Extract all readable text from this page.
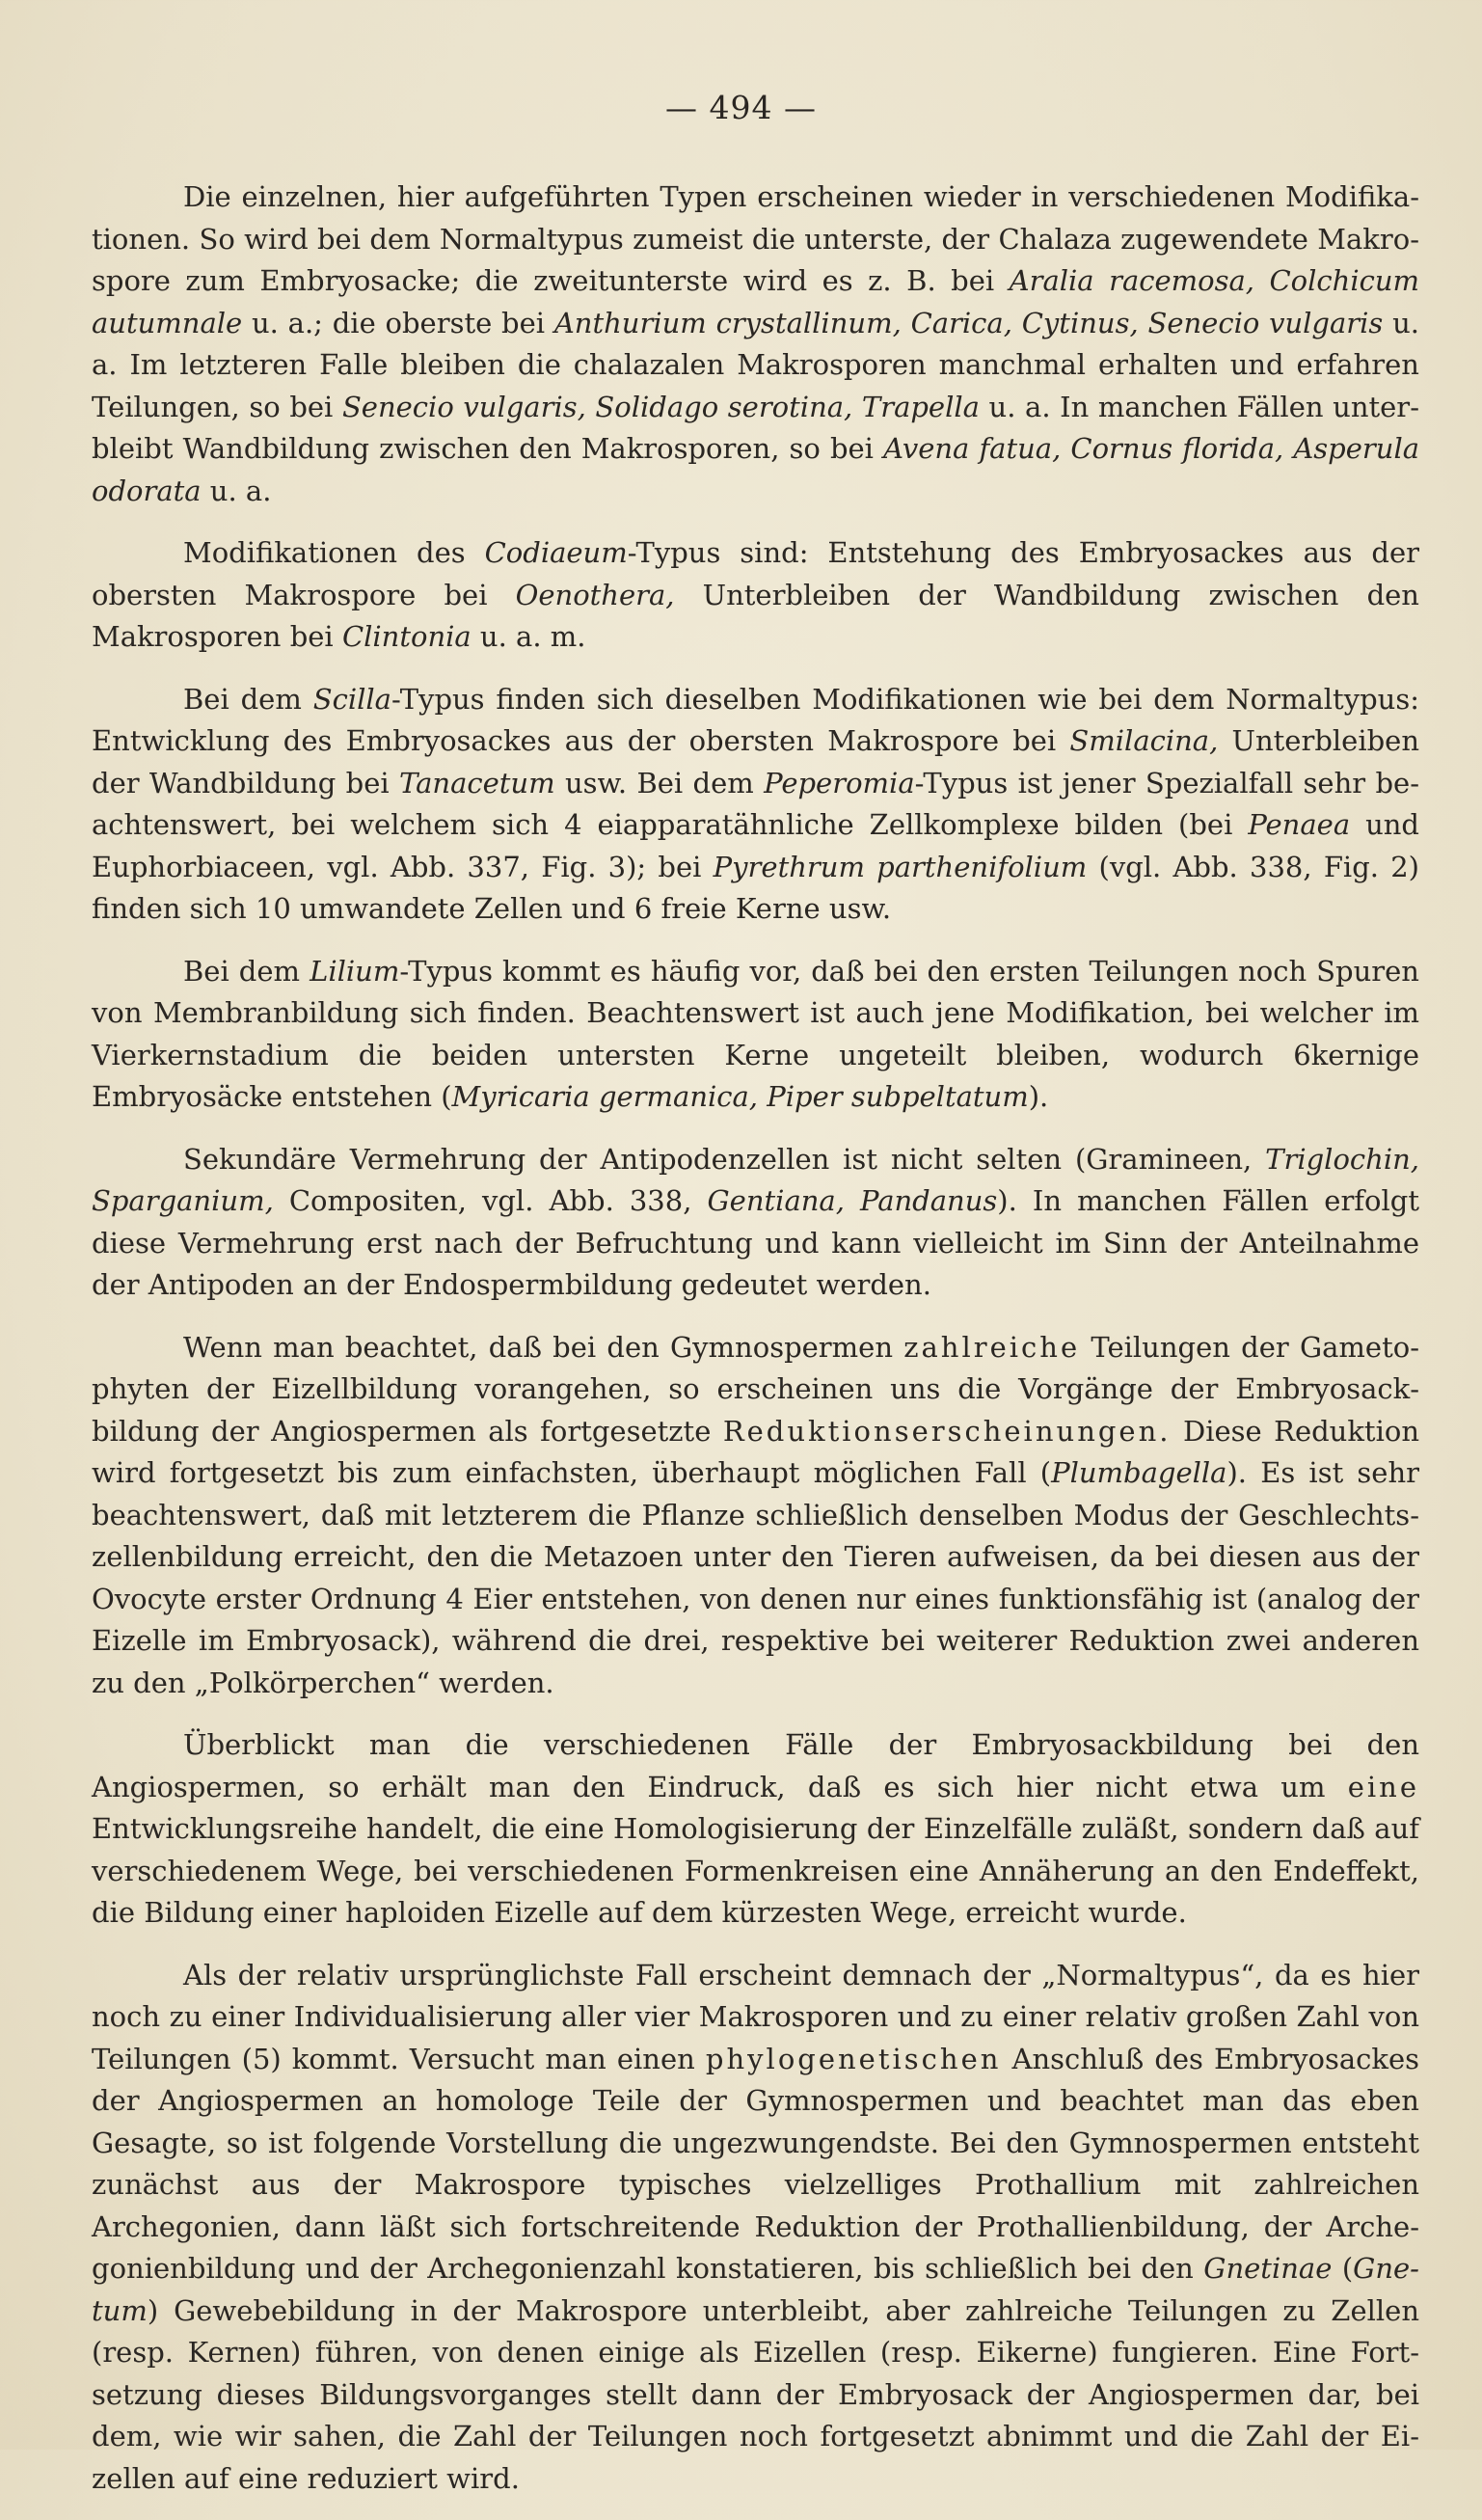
— 494 —

Die einzelnen, hier aufgeführten Typen erscheinen wieder in verschiedenen Modifikationen. So wird bei dem Normaltypus zumeist die unterste, der Chalaza zugewendete Makrospore zum Embryosacke; die zweitunterste wird es z. B. bei Aralia racemosa, Colchicum autumnale u. a.; die oberste bei Anthurium crystallinum, Carica, Cytinus, Senecio vulgaris u. a. Im letzteren Falle bleiben die chalazalen Makrosporen manchmal erhalten und erfahren Teilungen, so bei Senecio vulgaris, Solidago serotina, Trapella u. a. In manchen Fällen unterbleibt Wandbildung zwischen den Makrosporen, so bei Avena fatua, Cornus florida, Asperula odorata u. a.

Modifikationen des Codiaeum-Typus sind: Entstehung des Embryosackes aus der obersten Makrospore bei Oenothera, Unterbleiben der Wandbildung zwischen den Makrosporen bei Clintonia u. a. m.

Bei dem Scilla-Typus finden sich dieselben Modifikationen wie bei dem Normaltypus: Entwicklung des Embryosackes aus der obersten Makrospore bei Smilacina, Unterbleiben der Wandbildung bei Tanacetum usw. Bei dem Peperomia-Typus ist jener Spezialfall sehr beachtenswert, bei welchem sich 4 eiapparatähnliche Zellkomplexe bilden (bei Penaea und Euphorbiaceen, vgl. Abb. 337, Fig. 3); bei Pyrethrum parthenifolium (vgl. Abb. 338, Fig. 2) finden sich 10 umwandete Zellen und 6 freie Kerne usw.

Bei dem Lilium-Typus kommt es häufig vor, daß bei den ersten Teilungen noch Spuren von Membranbildung sich finden. Beachtenswert ist auch jene Modifikation, bei welcher im Vierkernstadium die beiden untersten Kerne ungeteilt bleiben, wodurch 6kernige Embryosäcke entstehen (Myricaria germanica, Piper subpeltatum).

Sekundäre Vermehrung der Antipodenzellen ist nicht selten (Gramineen, Triglochin, Sparganium, Compositen, vgl. Abb. 338, Gentiana, Pandanus). In manchen Fällen erfolgt diese Vermehrung erst nach der Befruchtung und kann vielleicht im Sinn der Anteilnahme der Antipoden an der Endospermbildung gedeutet werden.

Wenn man beachtet, daß bei den Gymnospermen zahlreiche Teilungen der Gametophyten der Eizellbildung vorangehen, so erscheinen uns die Vorgänge der Embryosackbildung der Angiospermen als fortgesetzte Reduktionserscheinungen. Diese Reduktion wird fortgesetzt bis zum einfachsten, überhaupt möglichen Fall (Plumbagella). Es ist sehr beachtenswert, daß mit letzterem die Pflanze schließlich denselben Modus der Geschlechtszellenbildung erreicht, den die Metazoen unter den Tieren aufweisen, da bei diesen aus der Ovocyte erster Ordnung 4 Eier entstehen, von denen nur eines funktionsfähig ist (analog der Eizelle im Embryosack), während die drei, respektive bei weiterer Reduktion zwei anderen zu den „Polkörperchen“ werden.

Überblickt man die verschiedenen Fälle der Embryosackbildung bei den Angiospermen, so erhält man den Eindruck, daß es sich hier nicht etwa um eine Entwicklungsreihe handelt, die eine Homologisierung der Einzelfälle zuläßt, sondern daß auf verschiedenem Wege, bei verschiedenen Formenkreisen eine Annäherung an den Endeffekt, die Bildung einer haploiden Eizelle auf dem kürzesten Wege, erreicht wurde.

Als der relativ ursprünglichste Fall erscheint demnach der „Normaltypus“, da es hier noch zu einer Individualisierung aller vier Makrosporen und zu einer relativ großen Zahl von Teilungen (5) kommt. Versucht man einen phylogenetischen Anschluß des Embryosackes der Angiospermen an homologe Teile der Gymnospermen und beachtet man das eben Gesagte, so ist folgende Vorstellung die ungezwungendste. Bei den Gymnospermen entsteht zunächst aus der Makrospore typisches vielzelliges Prothallium mit zahlreichen Archegonien, dann läßt sich fortschreitende Reduktion der Prothallienbildung, der Archegonienbildung und der Archegonienzahl konstatieren, bis schließlich bei den Gnetinae (Gnetum) Gewebebildung in der Makrospore unterbleibt, aber zahlreiche Teilungen zu Zellen (resp. Kernen) führen, von denen einige als Eizellen (resp. Eikerne) fungieren. Eine Fortsetzung dieses Bildungsvorganges stellt dann der Embryosack der Angiospermen dar, bei dem, wie wir sahen, die Zahl der Teilungen noch fortgesetzt abnimmt und die Zahl der Eizellen auf eine reduziert wird.
